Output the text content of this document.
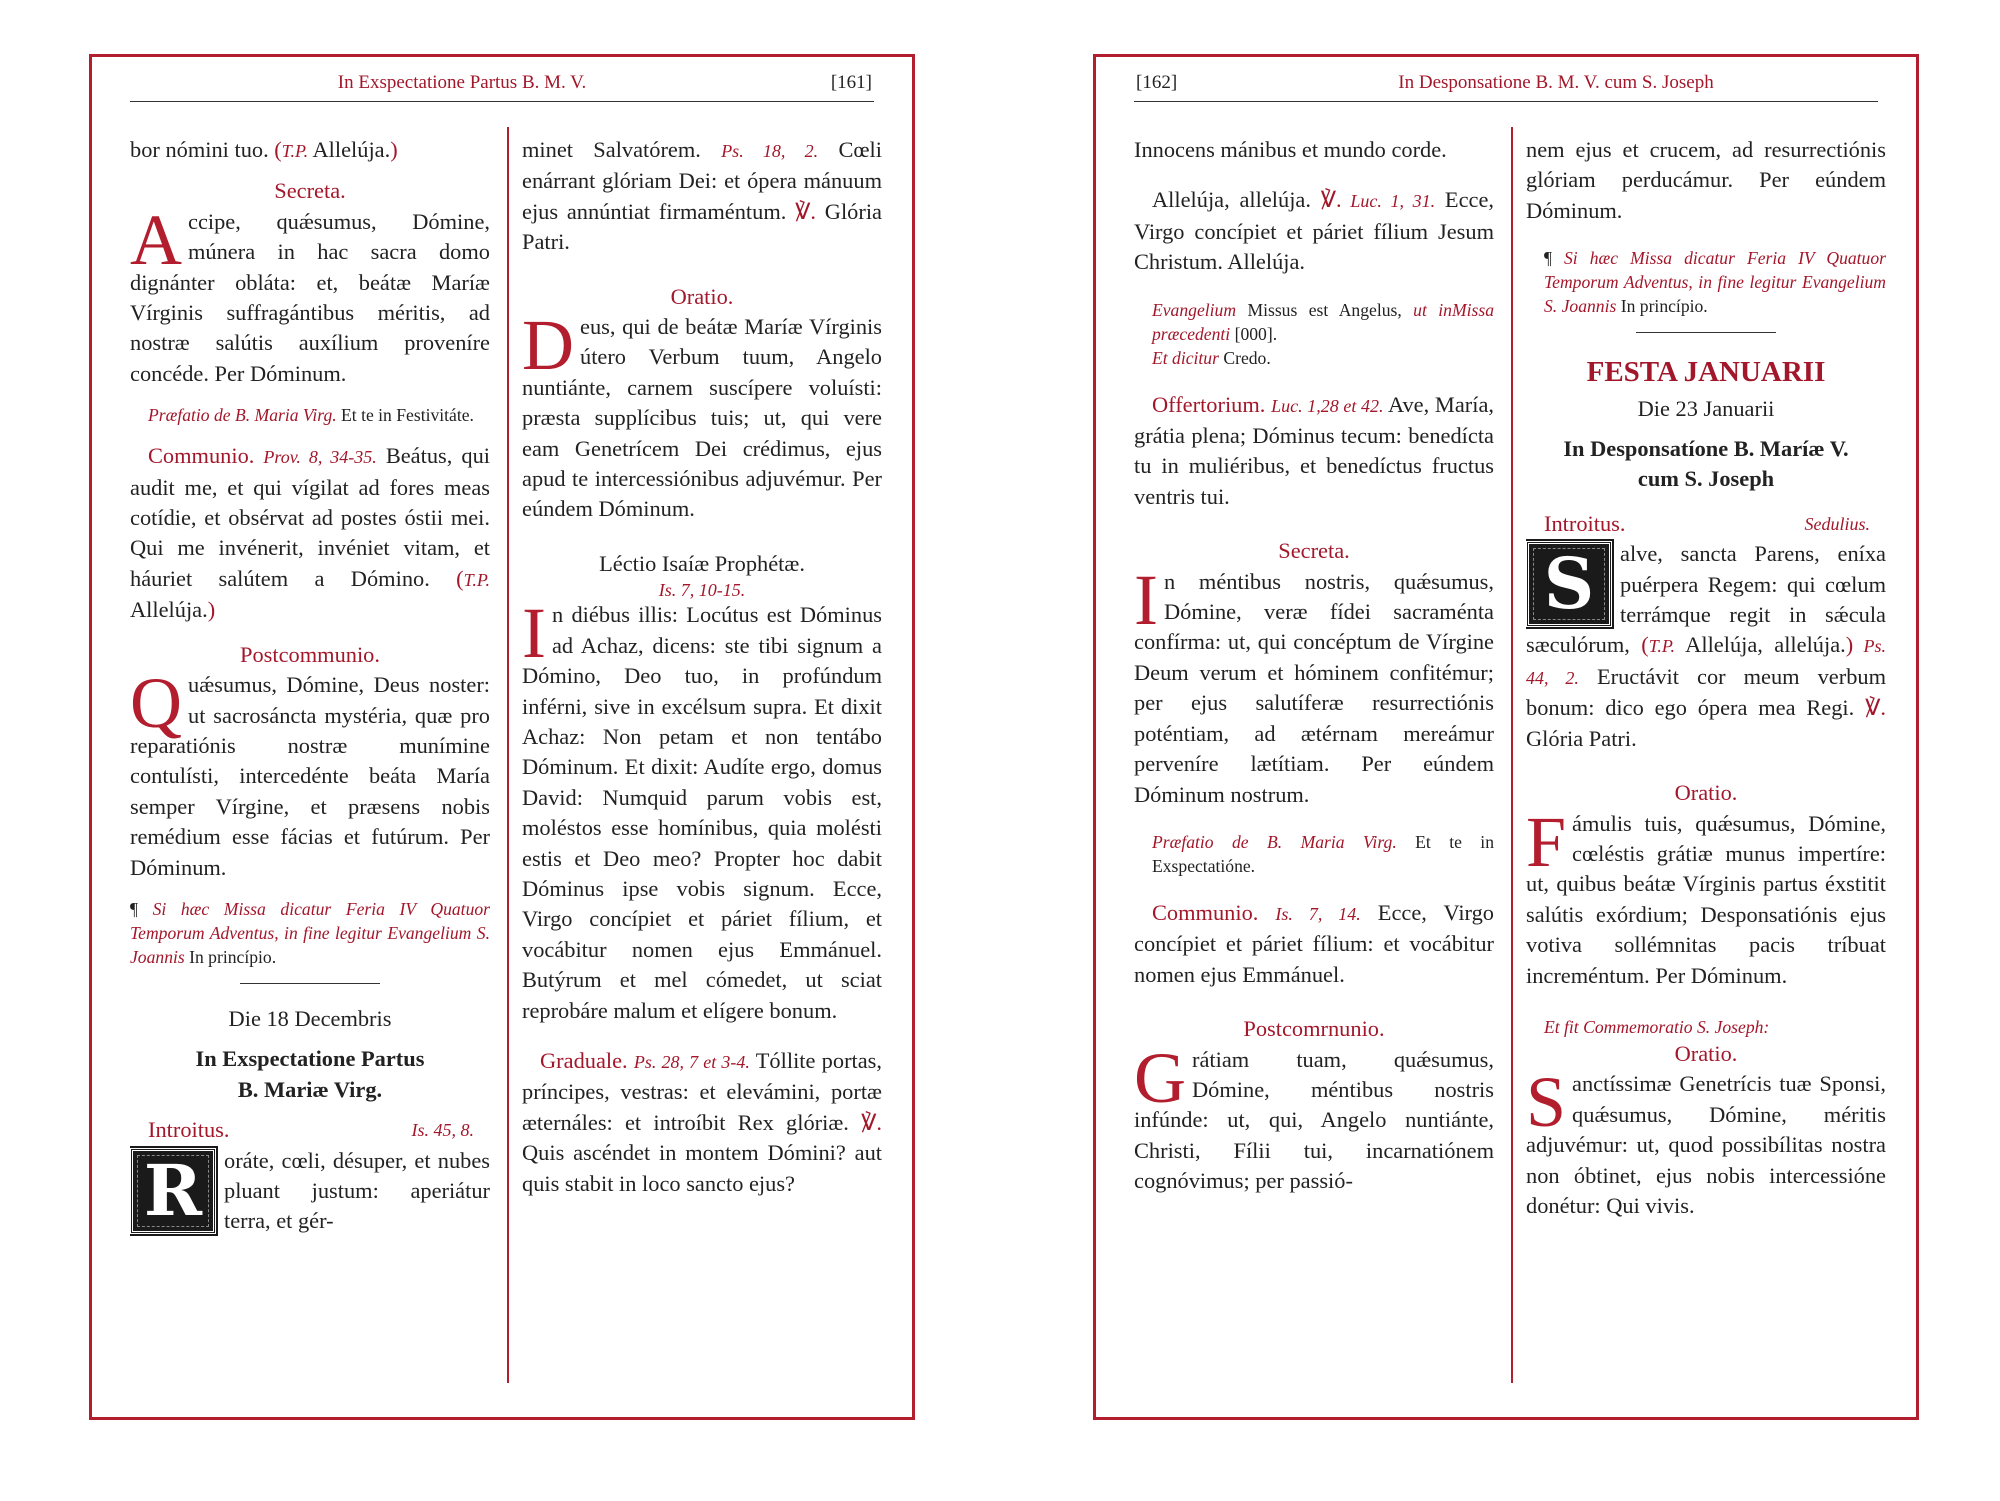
In Exspectatione Partus B. M. V.	[161]

bor nómini tuo. (T.P. Allelúja.)

Secreta.

Accipe, quǽsumus, Dómine, múnera in hac sacra domo dignánter obláta: et, beátæ Maríæ Vírginis suffragántibus méritis, ad nostræ salútis auxílium proveníre concéde. Per Dóminum.

Præfatio de B. Maria Virg. Et te in Festivitáte.

Communio. Prov. 8, 34-35. Beátus, qui audit me, et qui vígilat ad fores meas cotídie, et obsérvat ad postes óstii mei. Qui me invénerit, invéniet vitam, et háuriet salútem a Dómino. (T.P. Allelúja.)

Postcommunio.

Quǽsumus, Dómine, Deus noster: ut sacrosáncta mystéria, quæ pro reparatiónis nostræ munímine contulísti, intercedénte beáta María semper Vírgine, et præsens nobis remédium esse fácias et futúrum. Per Dóminum.

¶ Si hæc Missa dicatur Feria IV Quatuor Temporum Adventus, in fine legitur Evangelium S. Joannis In princípio.

Die 18 Decembris

In Exspectatione Partus

B. Mariæ Virg.

Introitus.	Is. 45, 8.

R oráte, cœli, désuper, et nubes pluant justum: aperiátur terra, et gér-

minet Salvatórem. Ps. 18, 2. Cœli enárrant glóriam Dei: et ópera mánuum ejus annúntiat firmaméntum. ℣. Glória Patri.

Oratio.

Deus, qui de beátæ Maríæ Vírginis útero Verbum tuum, Angelo nuntiánte, carnem suscípere voluísti: præsta supplícibus tuis; ut, qui vere eam Genetrícem Dei crédimus, ejus apud te intercessiónibus adjuvémur. Per eúndem Dóminum.

Léctio Isaíæ Prophétæ.

Is. 7, 10-15.

In diébus illis: Locútus est Dóminus ad Achaz, dicens: ste tibi signum a Dómino, Deo tuo, in profúndum inférni, sive in excélsum supra. Et dixit Achaz: Non petam et non tentábo Dóminum. Et dixit: Audíte ergo, domus David: Numquid parum vobis est, moléstos esse homínibus, quia molésti estis et Deo meo? Propter hoc dabit Dóminus ipse vobis signum. Ecce, Virgo concípiet et páriet fílium, et vocábitur nomen ejus Emmánuel. Butýrum et mel cómedet, ut sciat reprobáre malum et elígere bonum.

Graduale. Ps. 28, 7 et 3-4. Tóllite portas, príncipes, vestras: et elevámini, portæ æternáles: et introíbit Rex glóriæ. ℣. Quis ascéndet in montem Dómini? aut quis stabit in loco sancto ejus?

[162]	In Desponsatione B. M. V. cum S. Joseph

Innocens mánibus et mundo corde.

Allelúja, allelúja. ℣. Luc. 1, 31. Ecce, Virgo concípiet et páriet fílium Jesum Christum. Allelúja.

Evangelium Missus est Angelus, ut inMissa præcedenti [000].

Et dicitur Credo.

Offertorium. Luc. 1,28 et 42. Ave, María, grátia plena; Dóminus tecum: benedícta tu in muliéribus, et benedíctus fructus ventris tui.

Secreta.

In méntibus nostris, quǽsumus, Dómine, veræ fídei sacraménta confírma: ut, qui concéptum de Vírgine Deum verum et hóminem confitémur; per ejus salutíferæ resurrectiónis poténtiam, ad ætérnam mereámur perveníre lætítiam. Per eúndem Dóminum nostrum.

Præfatio de B. Maria Virg. Et te in Exspectatióne.

Communio. Is. 7, 14. Ecce, Virgo concípiet et páriet fílium: et vocábitur nomen ejus Emmánuel.

Postcomrnunio.

Grátiam tuam, quǽsumus, Dómine, méntibus nostris infúnde: ut, qui, Angelo nuntiánte, Christi, Fílii tui, incarnatiónem cognóvimus; per passió-

nem ejus et crucem, ad resurrectiónis glóriam perducámur. Per eúndem Dóminum.

¶ Si hæc Missa dicatur Feria IV Quatuor Temporum Adventus, in fine legitur Evangelium S. Joannis In princípio.

FESTA JANUARII

Die 23 Januarii

In Desponsatíone B. Maríæ V.

cum S. Joseph

Introitus.	Sedulius.

S	alve, sancta Parens, eníxa puérpera Regem: qui cœlum terrámque regit in sǽcula sæculórum, (T.P. Allelúja, allelúja.) Ps. 44, 2. Eructávit cor meum verbum bonum: dico ego ópera mea Regi. ℣. Glória Patri.

Oratio.

Fámulis tuis, quǽsumus, Dómine, cœléstis grátiæ munus impertíre: ut, quibus beátæ Vírginis partus éxstitit salútis exórdium; Desponsatiónis ejus votiva sollémnitas pacis tríbuat increméntum. Per Dóminum.

Et fit Commemoratio S. Joseph:

Oratio.

Sanctíssimæ Genetrícis tuæ Sponsi, quǽsumus, Dómine, méritis adjuvémur: ut, quod possibílitas nostra non óbtinet, ejus nobis intercessióne donétur: Qui vivis.
